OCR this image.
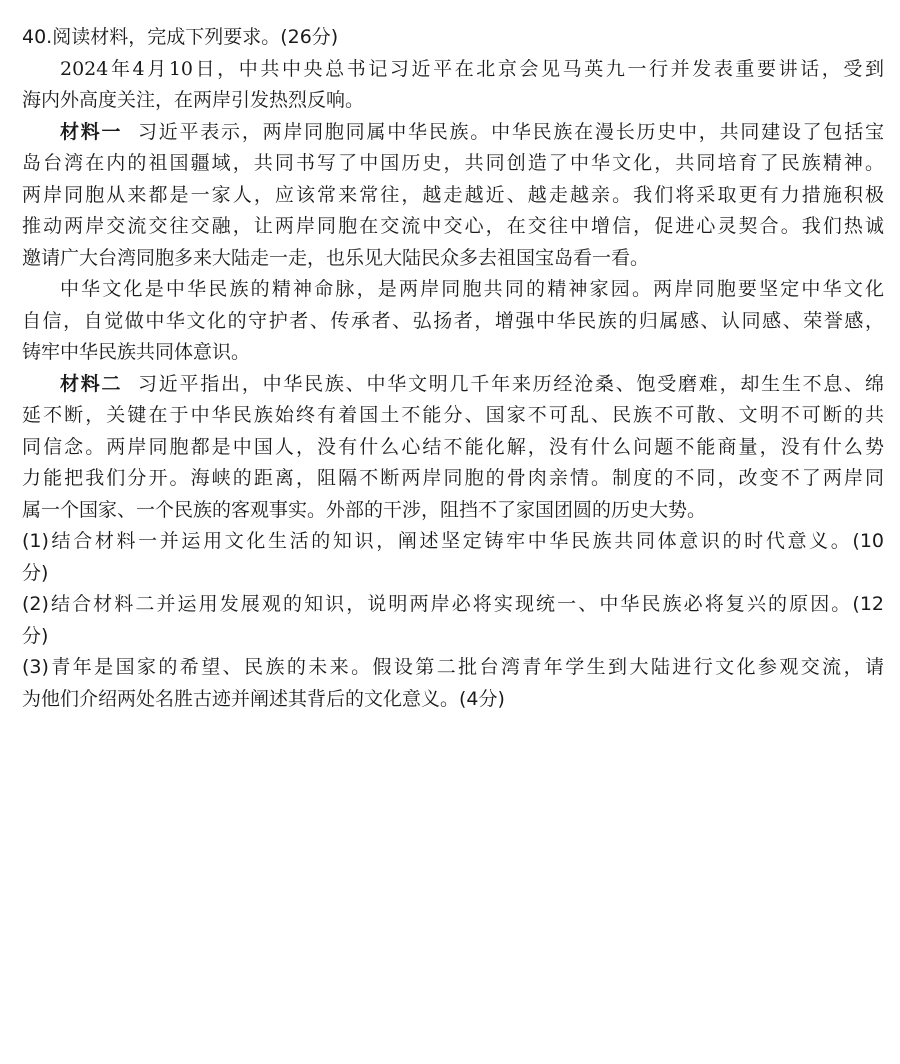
40.阅读材料，完成下列要求。(26分)
2024年4月10日，中共中央总书记习近平在北京会见马英九一行并发表重要讲话，受到
海内外高度关注，在两岸引发热烈反响。
材料一 习近平表示，两岸同胞同属中华民族。中华民族在漫长历史中，共同建设了包括宝
岛台湾在内的祖国疆域，共同书写了中国历史，共同创造了中华文化，共同培育了民族精神。
两岸同胞从来都是一家人，应该常来常往，越走越近、越走越亲。我们将采取更有力措施积极
推动两岸交流交往交融，让两岸同胞在交流中交心，在交往中增信，促进心灵契合。我们热诚
邀请广大台湾同胞多来大陆走一走，也乐见大陆民众多去祖国宝岛看一看。
中华文化是中华民族的精神命脉，是两岸同胞共同的精神家园。两岸同胞要坚定中华文化
自信，自觉做中华文化的守护者、传承者、弘扬者，增强中华民族的归属感、认同感、荣誉感，
铸牢中华民族共同体意识。
材料二 习近平指出，中华民族、中华文明几千年来历经沧桑、饱受磨难，却生生不息、绵
延不断，关键在于中华民族始终有着国土不能分、国家不可乱、民族不可散、文明不可断的共
同信念。两岸同胞都是中国人，没有什么心结不能化解，没有什么问题不能商量，没有什么势
力能把我们分开。海峡的距离，阻隔不断两岸同胞的骨肉亲情。制度的不同，改变不了两岸同
属一个国家、一个民族的客观事实。外部的干涉，阻挡不了家国团圆的历史大势。
(1)结合材料一并运用文化生活的知识，阐述坚定铸牢中华民族共同体意识的时代意义。(10
分)
(2)结合材料二并运用发展观的知识，说明两岸必将实现统一、中华民族必将复兴的原因。(12
分)
(3)青年是国家的希望、民族的未来。假设第二批台湾青年学生到大陆进行文化参观交流，请
为他们介绍两处名胜古迹并阐述其背后的文化意义。(4分)
